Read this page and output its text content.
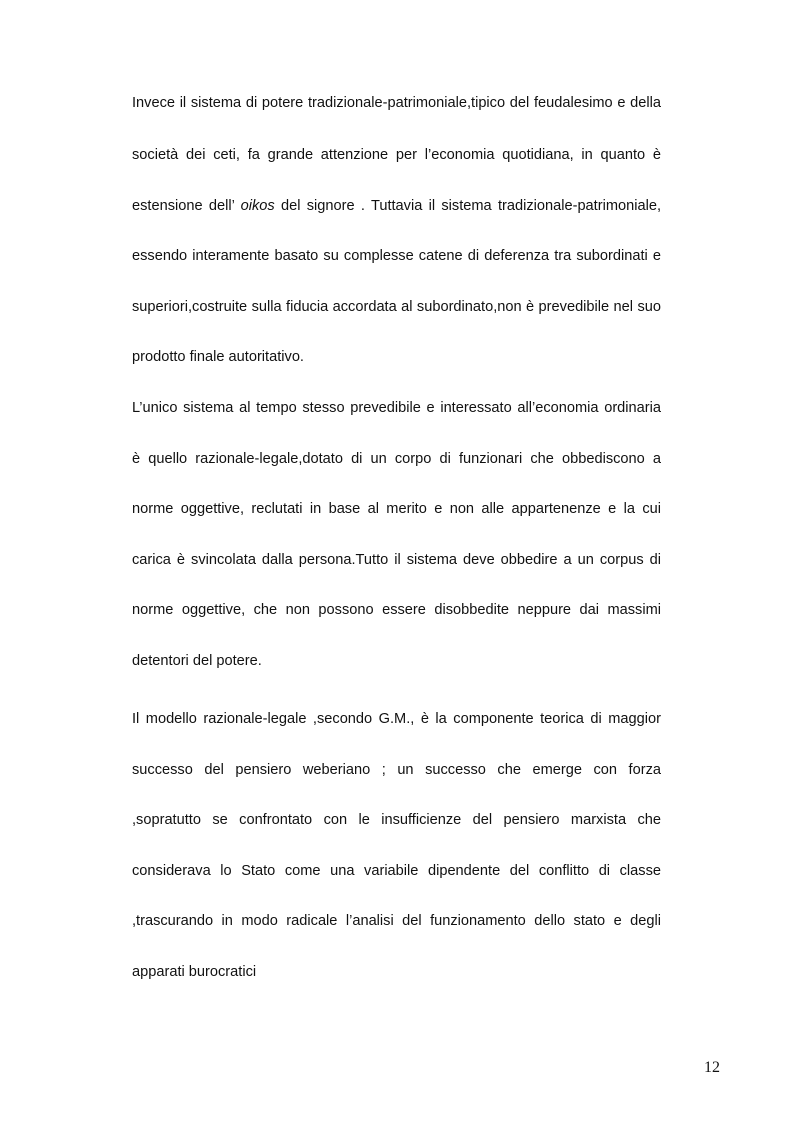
Invece il sistema di potere tradizionale-patrimoniale,tipico del feudalesimo e della
società dei ceti, fa grande attenzione per l’economia quotidiana, in quanto è
estensione dell’ oikos del signore . Tuttavia il sistema tradizionale-patrimoniale,
essendo interamente basato su complesse catene di deferenza tra subordinati e
superiori,costruite sulla fiducia accordata al subordinato,non è prevedibile nel suo
prodotto finale autoritativo.
L’unico sistema al tempo stesso prevedibile e interessato all’economia ordinaria
è quello razionale-legale,dotato di un corpo di funzionari che obbediscono a
norme oggettive, reclutati in base al merito e non alle appartenenze e la cui
carica è svincolata dalla persona.Tutto il sistema deve obbedire a un corpus di
norme oggettive, che non possono essere disobbedite neppure dai massimi
detentori del potere.
Il modello razionale-legale ,secondo G.M., è la componente teorica di maggior
successo del pensiero weberiano ; un successo che emerge con forza
,sopratutto se confrontato con le insufficienze del pensiero marxista che
considerava lo Stato come una variabile dipendente del conflitto di classe
,trascurando in modo radicale l’analisi del funzionamento dello stato e degli
apparati burocratici
12
